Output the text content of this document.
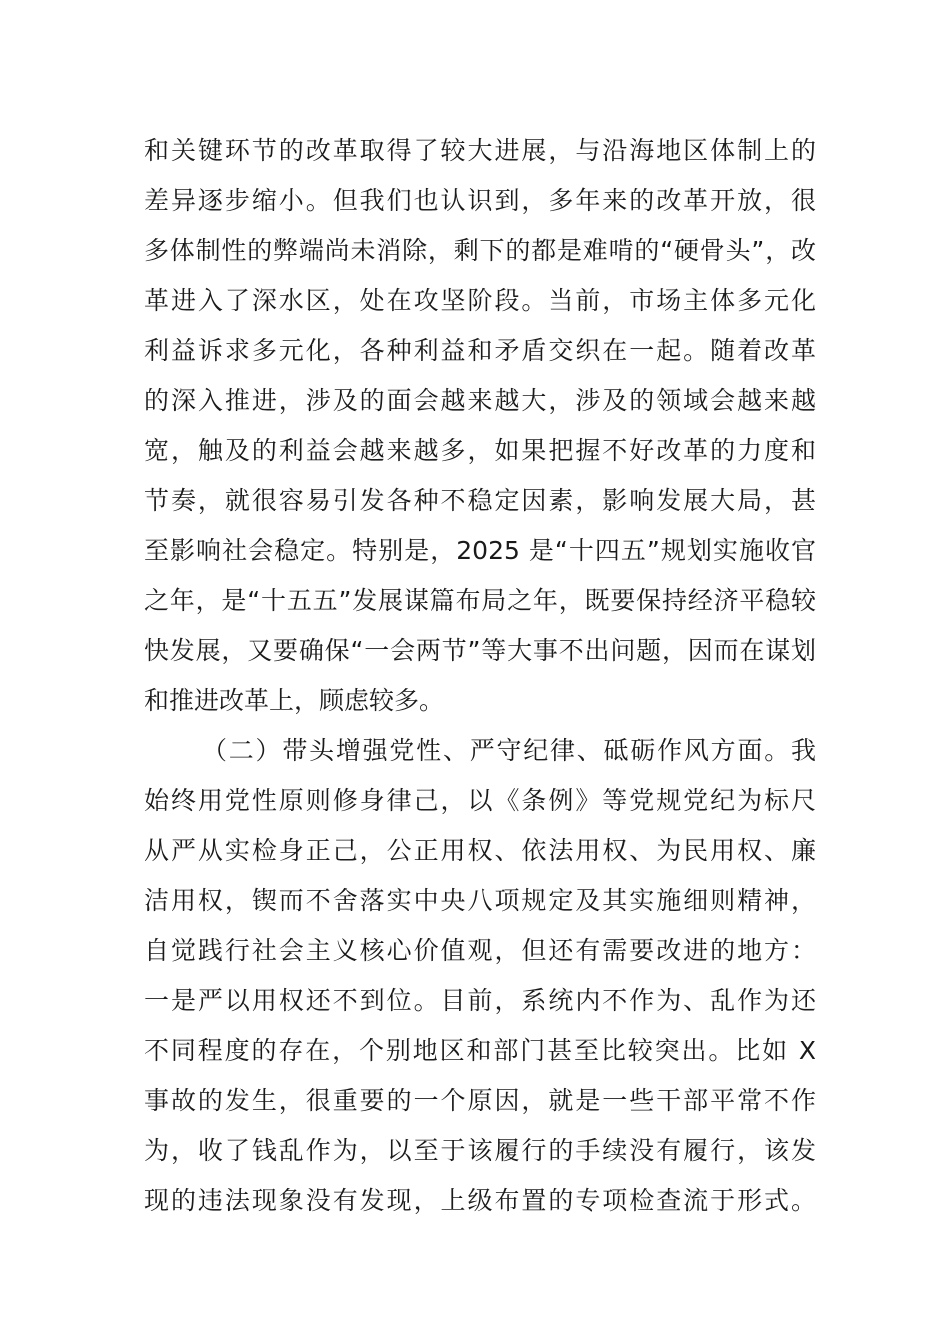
和关键环节的改革取得了较大进展，与沿海地区体制上的
差异逐步缩小。但我们也认识到，多年来的改革开放，很
多体制性的弊端尚未消除，剩下的都是难啃的“硬骨头”，改
革进入了深水区，处在攻坚阶段。当前，市场主体多元化
利益诉求多元化，各种利益和矛盾交织在一起。随着改革
的深入推进，涉及的面会越来越大，涉及的领域会越来越
宽，触及的利益会越来越多，如果把握不好改革的力度和
节奏，就很容易引发各种不稳定因素，影响发展大局，甚
至影响社会稳定。特别是，2025 是“十四五”规划实施收官
之年，是“十五五”发展谋篇布局之年，既要保持经济平稳较
快发展，又要确保“一会两节”等大事不出问题，因而在谋划
和推进改革上，顾虑较多。
（二）带头增强党性、严守纪律、砥砺作风方面。我
始终用党性原则修身律己，以《条例》等党规党纪为标尺
从严从实检身正己，公正用权、依法用权、为民用权、廉
洁用权，锲而不舍落实中央八项规定及其实施细则精神，
自觉践行社会主义核心价值观，但还有需要改进的地方：
一是严以用权还不到位。目前，系统内不作为、乱作为还
不同程度的存在，个别地区和部门甚至比较突出。比如 X
事故的发生，很重要的一个原因，就是一些干部平常不作
为，收了钱乱作为，以至于该履行的手续没有履行，该发
现的违法现象没有发现，上级布置的专项检查流于形式。
